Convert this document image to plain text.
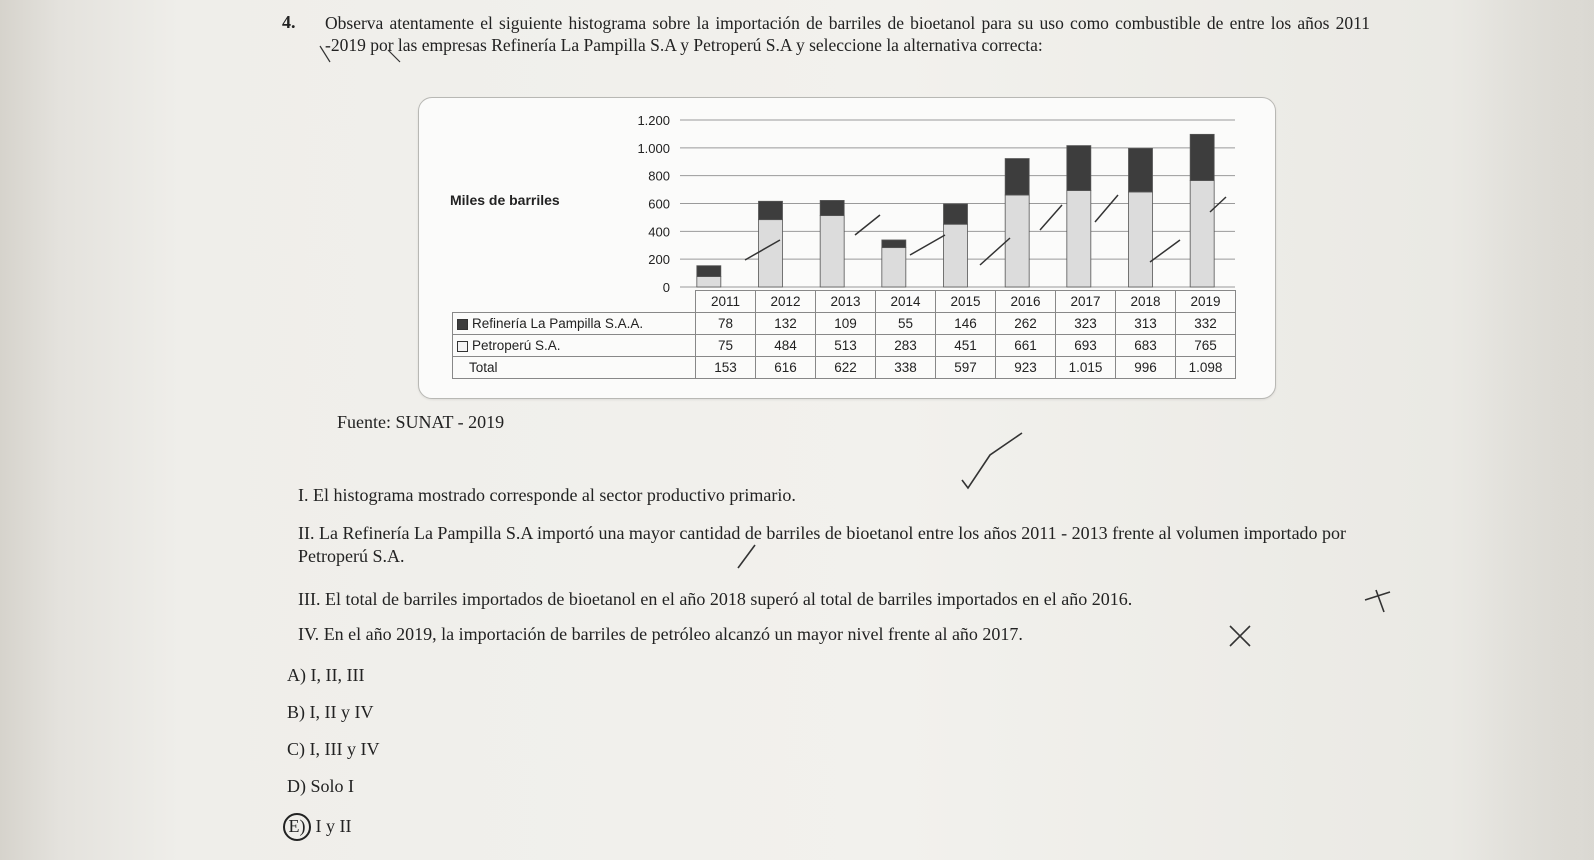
4. Observa atentamente el siguiente histograma sobre la importación de barriles de bioetanol para su uso como combustible de entre los años 2011 -2019 por las empresas Refinería La Pampilla S.A y Petroperú S.A y seleccione la alternativa correcta:
Miles de barriles
0
200
400
600
800
1.000
1.200
	2011	2012	2013	2014	2015	2016	2017	2018	2019
Refinería La Pampilla S.A.A.	78	132	109	55	146	262	323	313	332
Petroperú S.A.	75	484	513	283	451	661	693	683	765
Total	153	616	622	338	597	923	1.015	996	1.098
Fuente: SUNAT - 2019
I. El histograma mostrado corresponde al sector productivo primario.
II. La Refinería La Pampilla S.A importó una mayor cantidad de barriles de bioetanol entre los años 2011 - 2013 frente al volumen importado por Petroperú S.A.
III. El total de barriles importados de bioetanol en el año 2018 superó al total de barriles importados en el año 2016.
IV. En el año 2019, la importación de barriles de petróleo alcanzó un mayor nivel frente al año 2017.
A) I, II, III
B) I, II y IV
C) I, III y IV
D) Solo I
E) I y II
